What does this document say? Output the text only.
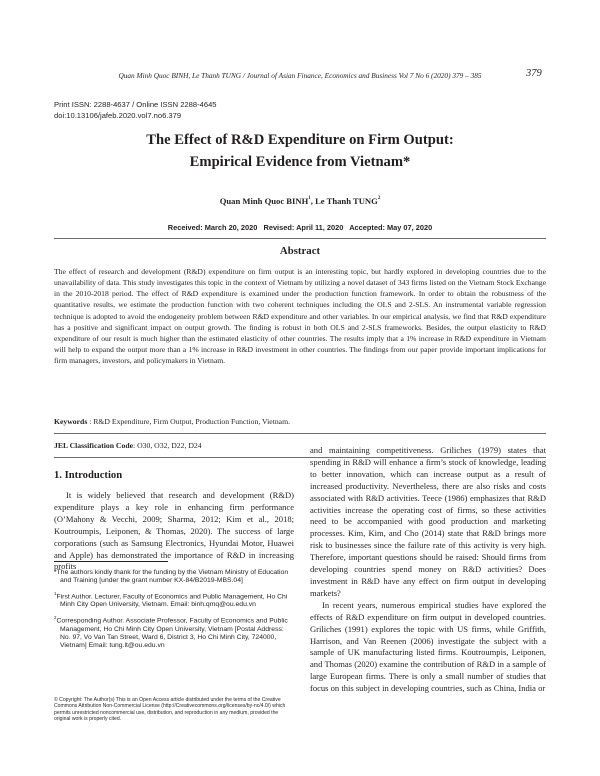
Quan Minh Quoc BINH, Le Thanh TUNG / Journal of Asian Finance, Economics and Business Vol 7 No 6 (2020) 379 – 385	379
Print ISSN: 2288-4637 / Online ISSN 2288-4645
doi:10.13106/jafeb.2020.vol7.no6.379
The Effect of R&D Expenditure on Firm Output:
Empirical Evidence from Vietnam*
Quan Minh Quoc BINH$^1$, Le Thanh TUNG$^2$
Received: March 20, 2020   Revised: April 11, 2020   Accepted: May 07, 2020
Abstract

The effect of research and development (R&D) expenditure on firm output is an interesting topic, but hardly explored in developing countries due to the unavailability of data. This study investigates this topic in the context of Vietnam by utilizing a novel dataset of 343 firms listed on the Vietnam Stock Exchange in the 2010-2018 period. The effect of R&D expenditure is examined under the production function framework. In order to obtain the robustness of the quantitative results, we estimate the production function with two coherent techniques including the OLS and 2-SLS. An instrumental variable regression technique is adopted to avoid the endogeneity problem between R&D expenditure and other variables. In our empirical analysis, we find that R&D expenditure has a positive and significant impact on output growth. The finding is robust in both OLS and 2-SLS frameworks. Besides, the output elasticity to R&D expenditure of our result is much higher than the estimated elasticity of other countries. The results imply that a 1% increase in R&D expenditure in Vietnam will help to expand the output more than a 1% increase in R&D investment in other countries. The findings from our paper provide important implications for firm managers, investors, and policymakers in Vietnam.

Keywords : R&D Expenditure, Firm Output, Production Function, Vietnam.
JEL Classification Code: O30, O32, D22, D24
1. Introduction

It is widely believed that research and development (R&D) expenditure plays a key role in enhancing firm performance (O’Mahony & Vecchi, 2009; Sharma, 2012; Kim et al., 2018; Koutroumpis, Leiponen, & Thomas, 2020). The success of large corporations (such as Samsung Electronics, Hyundai Motor, Huawei and Apple) has demonstrated the importance of R&D in increasing profits

and maintaining competitiveness. Griliches (1979) states that spending in R&D will enhance a firm’s stock of knowledge, leading to better innovation, which can increase output as a result of increased productivity. Nevertheless, there are also risks and costs associated with R&D activities. Teece (1986) emphasizes that R&D activities increase the operating cost of firms, so these activities need to be accompanied with good production and marketing processes. Kim, Kim, and Cho (2014) state that R&D brings more risk to businesses since the failure rate of this activity is very high. Therefore, important questions should be raised: Should firms from developing countries spend money on R&D activities? Does investment in R&D have any effect on firm output in developing markets?

In recent years, numerous empirical studies have explored the effects of R&D expenditure on firm output in developed countries. Griliches (1991) explores the topic with US firms, while Griffith, Harrison, and Van Reenen (2006) investigate the subject with a sample of UK manufacturing listed firms. Koutroumpis, Leiponen, and Thomas (2020) examine the contribution of R&D in a sample of large European firms. There is only a small number of studies that focus on this subject in developing countries, such as China, India or

*The authors kindly thank for the funding by the Vietnam Ministry of Education and Training [under the grant number KX-84/B2019-MBS.04]

$^1$First Author. Lecturer, Faculty of Economics and Public Management, Ho Chi Minh City Open University, Vietnam. Email: binh.qmq@ou.edu.vn

$^2$Corresponding Author. Associate Professor, Faculty of Economics and Public Management, Ho Chi Minh City Open University, Vietnam [Postal Address: No. 97, Vo Van Tan Street, Ward 6, District 3, Ho Chi Minh City, 724000, Vietnam] Email: tung.lt@ou.edu.vn

© Copyright: The Author(s) This is an Open Access article distributed under the terms of the Creative Commons Attribution Non-Commercial License (http://Creativecommons.org/licenses/by-nc/4.0/) which permits unrestricted noncommercial use, distribution, and reproduction in any medium, provided the original work is properly cited.
